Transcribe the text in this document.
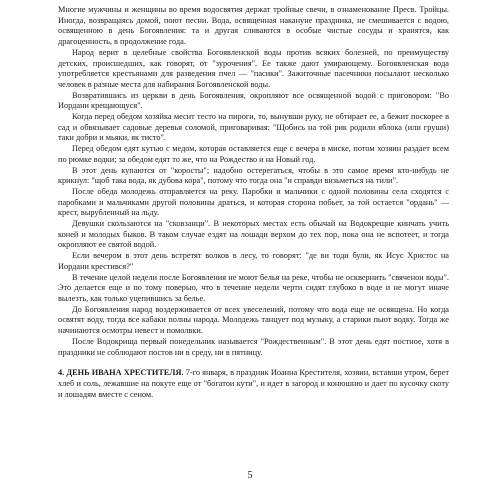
Многие мужчины и женщины во время водосвятия держат тройные свечи, в ознаменование Пресв. Тройцы. Иногда, возвращаясь домой, поют песни. Вода, освященная накануне праздника, не смешивается с водою, освященною в день Богоявления: та и другая сливаются в особые чистые сосуды и хранятся, как драгоценность, в продолжение года.

Народ верит в целебные свойства Богоявленской воды против всяких болезней, по преимуществу детских, происшедших, как говорят, от "зурочения". Ее также дают умирающему. Богоявленская вода употребляется крестьянами для разведения пчел — "пасики". Зажиточные пасечники посылают несколько человек в разные места для набирания Богоявленской воды.

Возвратившись из церкви в день Богоявления, окропляют все освященной водой с приговором: "Во Иордани крещающуся".

Когда перед обедом хозяйка месит тесто на пироги, то, вынувши руку, не обтирает ее, а бежит поскорее в сад и обвязывает садовые деревья соломой, приговаривая: "Щобись на той рик родили яблока (или груши) таки добри и мьяки, як тисто".

Перед обедом едят кутью с медом, которая оставляется еще с вечера в миске, потом хозяин раздает всем по рюмке водки; за обедом едят то же, что на Рождество и на Новый год.

В этот день купаются от "коросты"; надобно остерегаться, чтобы в это самое время кто-нибудь не крикнул: "щоб така вода, як дубова кора", потому что тогда она "и справди визьметься на тили".

После обеда молодежь отправляется на реку. Паробки и мальчики с одной половины села сходятся с паробками и мальчиками другой половины драться, и которая сторона побьет, за той остается "ордань" — крест, вырубленный на льду.

Девушки скользаются на "сковзанци". В некоторых местах есть обычай на Водокрещне кинчать учить коней и молодых быков. В таком случае ездят на лошади верхом до тех пор, пока она не вспотеет, и тогда окропляют ее святой водой.

Если вечером в этот день встретят волков в лесу, то говорят: "де ви тоди були, як Исус Христос на Иордани крестився?"

В течение целой недели после Богоявления не моют белья на реке, чтобы не осквернить "свяченои воды". Это делается еще и по тому поверью, что в течение недели черти сидят глубоко в воде и не могут иначе вылезть, как только уцепившись за белье.

До Богоявления народ воздерживается от всех увеселений, потому что вода еще не освящена. Но когда освятят воду, тогда все кабаки полны народа. Молодежь танцует под музыку, а старики пьют водку. Тогда же начинаются осмотры невест и помолвки.

После Водокрища первый понедельник называется "Рождественным". В этот день едят постное, хотя в праздники не соблюдают постов ни в среду, ни в пятницу.

4. ДЕНЬ ИВАНА ХРЕСТИТЕЛЯ. 7-го января, в праздник Иоанна Крестителя, хозяин, вставши утром, берет хлеб и соль, лежавшие на покуте еще от "богатои кути", и идет в загород и конюшню и дает по кусочку скоту и лошадям вместе с сеном.
5
